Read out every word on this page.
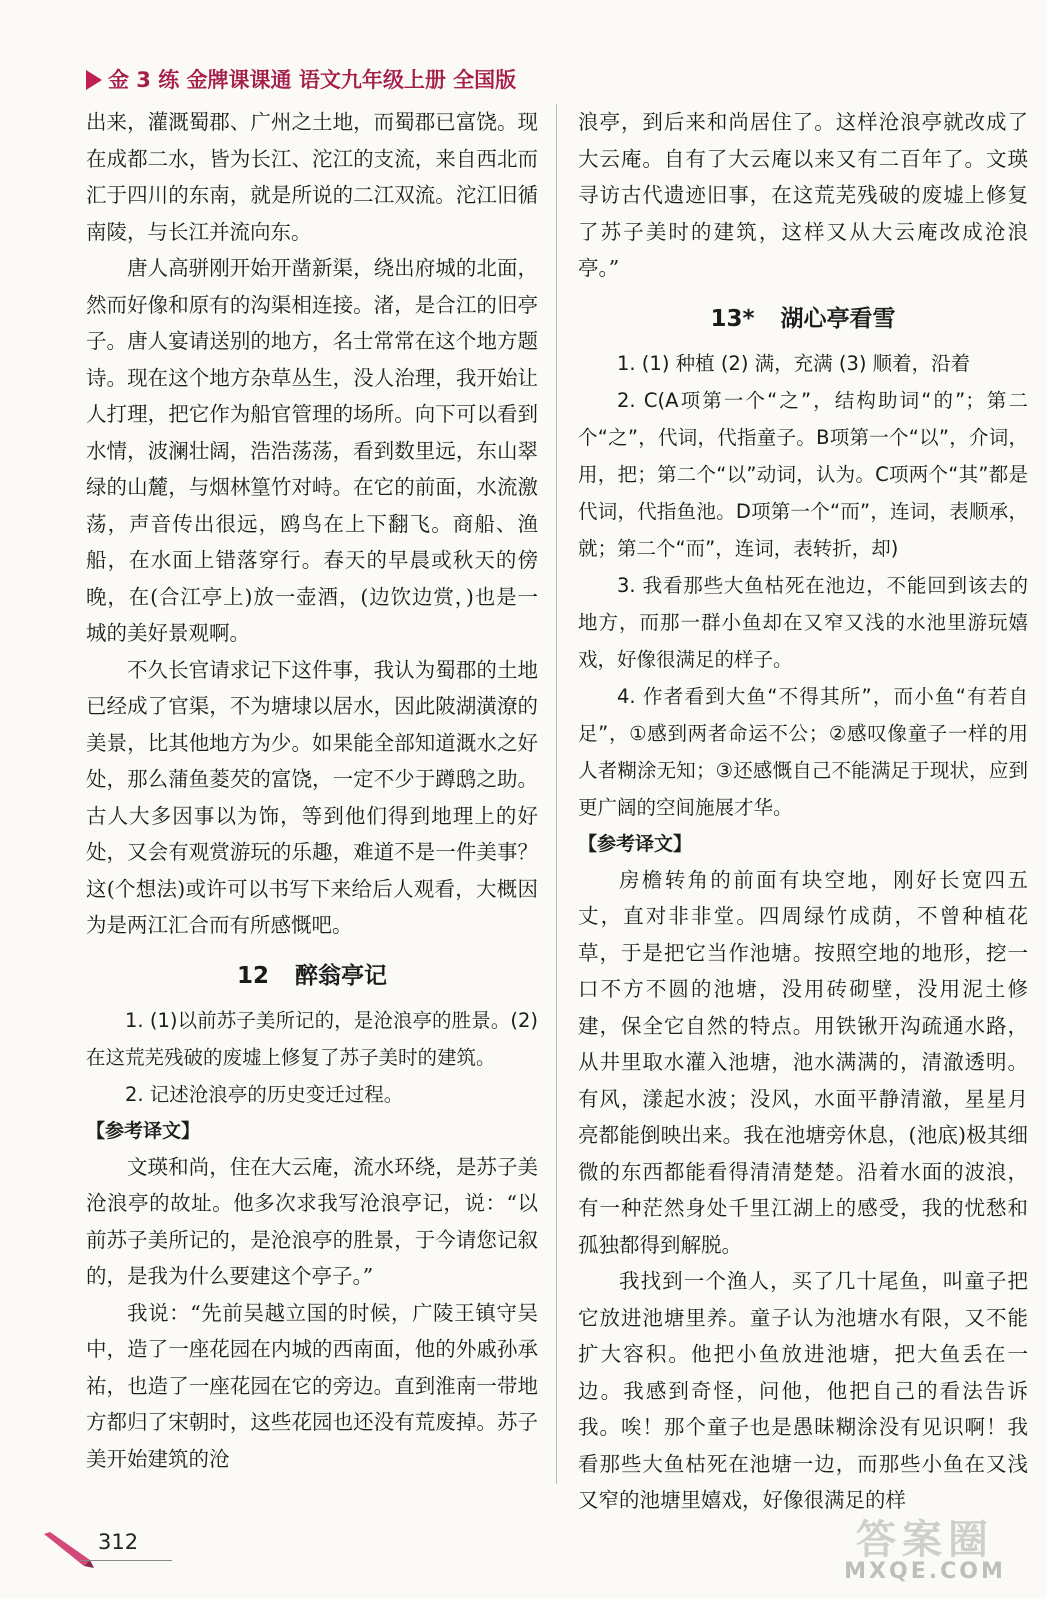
金 3 练 金牌课课通 语文九年级上册 全国版

出来，灌溉蜀郡、广州之土地，而蜀郡已富饶。现在成都二水，皆为长江、沱江的支流，来自西北而汇于四川的东南，就是所说的二江双流。沱江旧循南陵，与长江并流向东。

唐人高骈刚开始开凿新渠，绕出府城的北面，然而好像和原有的沟渠相连接。渚，是合江的旧亭子。唐人宴请送别的地方，名士常常在这个地方题诗。现在这个地方杂草丛生，没人治理，我开始让人打理，把它作为船官管理的场所。向下可以看到水情，波澜壮阔，浩浩荡荡，看到数里远，东山翠绿的山麓，与烟林篁竹对峙。在它的前面，水流激荡，声音传出很远，鸥鸟在上下翻飞。商船、渔船，在水面上错落穿行。春天的早晨或秋天的傍晚，在(合江亭上)放一壶酒，(边饮边赏，)也是一城的美好景观啊。

不久长官请求记下这件事，我认为蜀郡的土地已经成了官渠，不为塘埭以居水，因此陂湖潢潦的美景，比其他地方为少。如果能全部知道溉水之好处，那么蒲鱼菱芡的富饶，一定不少于蹲鸱之助。古人大多因事以为饰，等到他们得到地理上的好处，又会有观赏游玩的乐趣，难道不是一件美事？这(个想法)或许可以书写下来给后人观看，大概因为是两江汇合而有所感慨吧。

12 醉翁亭记

1. (1)以前苏子美所记的，是沧浪亭的胜景。(2)在这荒芜残破的废墟上修复了苏子美时的建筑。

2. 记述沧浪亭的历史变迁过程。

【参考译文】

文瑛和尚，住在大云庵，流水环绕，是苏子美沧浪亭的故址。他多次求我写沧浪亭记，说：“以前苏子美所记的，是沧浪亭的胜景，于今请您记叙的，是我为什么要建这个亭子。”

我说：“先前吴越立国的时候，广陵王镇守吴中，造了一座花园在内城的西南面，他的外戚孙承祐，也造了一座花园在它的旁边。直到淮南一带地方都归了宋朝时，这些花园也还没有荒废掉。苏子美开始建筑的沧

浪亭，到后来和尚居住了。这样沧浪亭就改成了大云庵。自有了大云庵以来又有二百年了。文瑛寻访古代遗迹旧事，在这荒芜残破的废墟上修复了苏子美时的建筑，这样又从大云庵改成沧浪亭。”

13* 湖心亭看雪

1. (1) 种植 (2) 满，充满 (3) 顺着，沿着

2. C(A项第一个“之”，结构助词“的”；第二个“之”，代词，代指童子。B项第一个“以”，介词，用，把；第二个“以”动词，认为。C项两个“其”都是代词，代指鱼池。D项第一个“而”，连词，表顺承，就；第二个“而”，连词，表转折，却)

3. 我看那些大鱼枯死在池边，不能回到该去的地方，而那一群小鱼却在又窄又浅的水池里游玩嬉戏，好像很满足的样子。

4. 作者看到大鱼“不得其所”，而小鱼“有若自足”，①感到两者命运不公；②感叹像童子一样的用人者糊涂无知；③还感慨自己不能满足于现状，应到更广阔的空间施展才华。

【参考译文】

房檐转角的前面有块空地，刚好长宽四五丈，直对非非堂。四周绿竹成荫，不曾种植花草，于是把它当作池塘。按照空地的地形，挖一口不方不圆的池塘，没用砖砌壁，没用泥土修建，保全它自然的特点。用铁锹开沟疏通水路，从井里取水灌入池塘，池水满满的，清澈透明。有风，漾起水波；没风，水面平静清澈，星星月亮都能倒映出来。我在池塘旁休息，(池底)极其细微的东西都能看得清清楚楚。沿着水面的波浪，有一种茫然身处千里江湖上的感受，我的忧愁和孤独都得到解脱。

我找到一个渔人，买了几十尾鱼，叫童子把它放进池塘里养。童子认为池塘水有限，又不能扩大容积。他把小鱼放进池塘，把大鱼丢在一边。我感到奇怪，问他，他把自己的看法告诉我。唉！那个童子也是愚昧糊涂没有见识啊！我看那些大鱼枯死在池塘一边，而那些小鱼在又浅又窄的池塘里嬉戏，好像很满足的样

312	答案圈
MXQE.COM
